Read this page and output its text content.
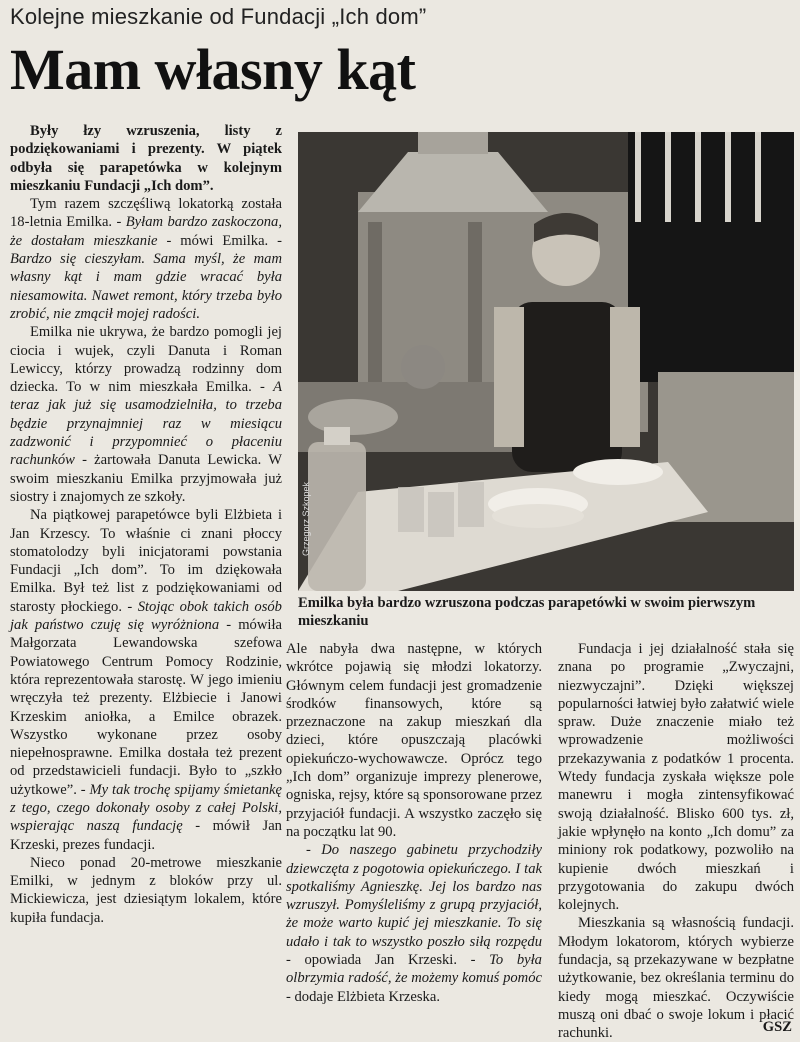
Kolejne mieszkanie od Fundacji „Ich dom”
Mam własny kąt

Były łzy wzruszenia, listy z podziękowaniami i prezenty. W piątek odbyła się parapetówka w kolejnym mieszkaniu Fundacji „Ich dom”.

Tym razem szczęśliwą lokatorką została 18-letnia Emilka. - Byłam bardzo zaskoczona, że dostałam mieszkanie - mówi Emilka. - Bardzo się cieszyłam. Sama myśl, że mam własny kąt i mam gdzie wracać była niesamowita. Nawet remont, który trzeba było zrobić, nie zmącił mojej radości.

Emilka nie ukrywa, że bardzo pomogli jej ciocia i wujek, czyli Danuta i Roman Lewiccy, którzy prowadzą rodzinny dom dziecka. To w nim mieszkała Emilka. - A teraz jak już się usamodzielniła, to trzeba będzie przynajmniej raz w miesiącu zadzwonić i przypomnieć o płaceniu rachunków - żartowała Danuta Lewicka. W swoim mieszkaniu Emilka przyjmowała już siostry i znajomych ze szkoły.

Na piątkowej parapetówce byli Elżbieta i Jan Krzescy. To właśnie ci znani płoccy stomatolodzy byli inicjatorami powstania Fundacji „Ich dom”. To im dziękowała Emilka. Był też list z podziękowaniami od starosty płockiego. - Stojąc obok takich osób jak państwo czuję się wyróżniona - mówiła Małgorzata Lewandowska szefowa Powiatowego Centrum Pomocy Rodzinie, która reprezentowała starostę. W jego imieniu wręczyła też prezenty. Elżbiecie i Janowi Krzeskim aniołka, a Emilce obrazek. Wszystko wykonane przez osoby niepełnosprawne. Emilka dostała też prezent od przedstawicieli fundacji. Było to „szkło użytkowe”. - My tak trochę spijamy śmietankę z tego, czego dokonały osoby z całej Polski, wspierając naszą fundację - mówił Jan Krzeski, prezes fundacji.

Nieco ponad 20-metrowe mieszkanie Emilki, w jednym z bloków przy ul. Mickiewicza, jest dziesiątym lokalem, które kupiła fundacja.

Grzegorz Szkopek
Emilka była bardzo wzruszona podczas parapetówki w swoim pierwszym mieszkaniu

Ale nabyła dwa następne, w których wkrótce pojawią się młodzi lokatorzy. Głównym celem fundacji jest gromadzenie środków finansowych, które są przeznaczone na zakup mieszkań dla dzieci, które opuszczają placówki opiekuńczo-wychowawcze. Oprócz tego „Ich dom” organizuje imprezy plenerowe, ogniska, rejsy, które są sponsorowane przez przyjaciół fundacji. A wszystko zaczęło się na początku lat 90.

- Do naszego gabinetu przychodziły dziewczęta z pogotowia opiekuńczego. I tak spotkaliśmy Agnieszkę. Jej los bardzo nas wzruszył. Pomyśleliśmy z grupą przyjaciół, że może warto kupić jej mieszkanie. To się udało i tak to wszystko poszło siłą rozpędu - opowiada Jan Krzeski. - To była olbrzymia radość, że możemy komuś pomóc - dodaje Elżbieta Krzeska.

Fundacja i jej działalność stała się znana po programie „Zwyczajni, niezwyczajni”. Dzięki większej popularności łatwiej było załatwić wiele spraw. Duże znaczenie miało też wprowadzenie możliwości przekazywania z podatków 1 procenta. Wtedy fundacja zyskała większe pole manewru i mogła zintensyfikować swoją działalność. Blisko 600 tys. zł, jakie wpłynęło na konto „Ich domu” za miniony rok podatkowy, pozwoliło na kupienie dwóch mieszkań i przygotowania do zakupu dwóch kolejnych.

Mieszkania są własnością fundacji. Młodym lokatorom, których wybierze fundacja, są przekazywane w bezpłatne użytkowanie, bez określania terminu do kiedy mogą mieszkać. Oczywiście muszą oni dbać o swoje lokum i płacić rachunki.	GSZ
